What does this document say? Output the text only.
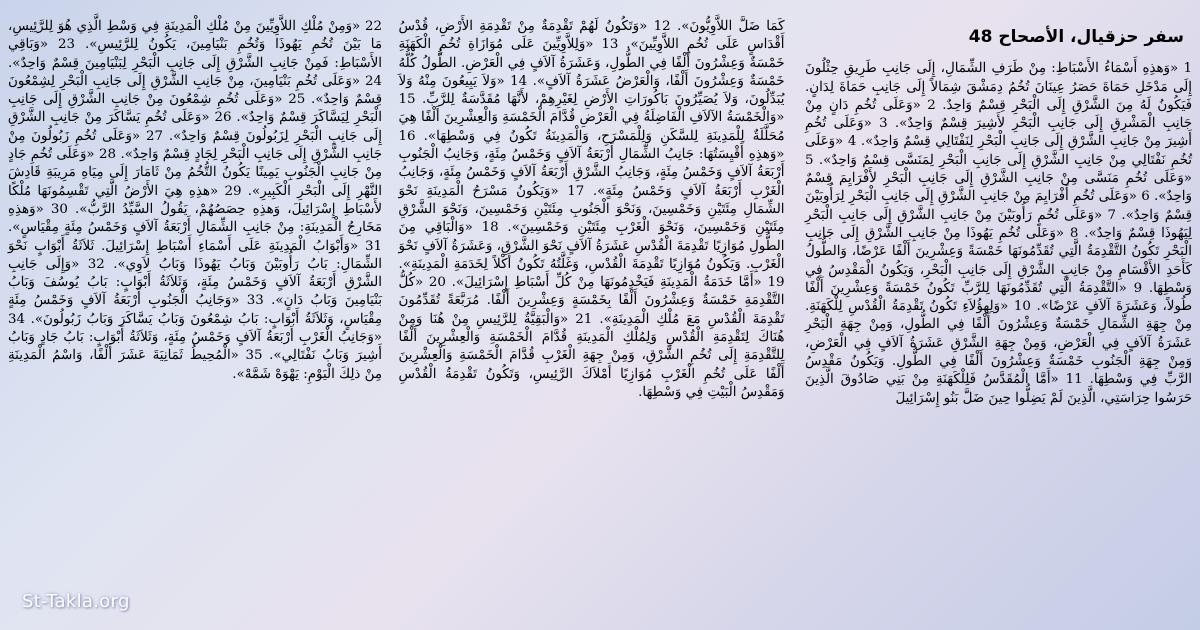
سفر حزقيال، الأصحاح 48
1 «وَهذِهِ أَسْمَاءُ الأَسْبَاطِ: مِنْ طَرَفِ الشِّمَالِ، إِلَى جَانِبِ طَرِيقِ حِثْلُونَ إِلَى مَدْخَلِ حَمَاةَ حَصَرُ عِينَانَ تُخُمُ دِمَشْقَ شِمَالاً إِلَى جَانِبِ حَمَاةَ لِدَانٍ. فَيَكُونُ لَهُ مِنَ الشَّرْقِ إِلَى الْبَحْرِ قِسْمٌ وَاحِدٌ. 2 «وَعَلَى تُخُمِ دَانٍ مِنْ جَانِبِ الْمَشْرِقِ إِلَى جَانِبِ الْبَحْرِ لأَشِيرَ قِسْمٌ وَاحِدٌ». 3 «وَعَلَى تُخُمِ أَشِيرَ مِنْ جَانِبِ الشَّرْقِ إِلَى جَانِبِ الْبَحْرِ لِنَفْتَالِي قِسْمٌ وَاحِدٌ». 4 «وَعَلَى تُخُمِ نَفْتَالِي مِنْ جَانِبِ الشَّرْقِ إِلَى جَانِبِ الْبَحْرِ لِمَنَسَّى قِسْمٌ وَاحِدٌ». 5 «وَعَلَى تُخُمِ مَنَسَّى مِنْ جَانِبِ الشَّرْقِ إِلَى جَانِبِ الْبَحْرِ لأَفْرَايِمَ قِسْمٌ وَاحِدٌ». 6 «وَعَلَى تُخُمِ أَفْرَايِمَ مِنْ جَانِبِ الشَّرْقِ إِلَى جَانِبِ الْبَحْرِ لِرَأُوبَيْنَ قِسْمٌ وَاحِدٌ». 7 «وَعَلَى تُخُمِ رَأُوبَيْنَ مِنْ جَانِبِ الشَّرْقِ إِلَى جَانِبِ الْبَحْرِ لِيَهُوذَا قِسْمٌ وَاحِدٌ». 8 «وَعَلَى تُخُمِ يَهُوذَا مِنْ جَانِبِ الشَّرْقِ إِلَى جَانِبِ الْبَحْرِ تَكُونُ التَّقْدِمَةُ الَّتِي تُقَدِّمُونَهَا خَمْسَةً وَعِشْرِينَ أَلْفًا عَرْضًا، وَالطُّولُ كَأَحَدِ الأَقْسَامِ مِنْ جَانِبِ الشَّرْقِ إِلَى جَانِبِ الْبَحْرِ، وَيَكُونُ الْمَقْدِسُ فِي وَسْطِهَا. 9 «التَّقْدِمَةُ الَّتِي تُقَدِّمُونَهَا لِلرَّبِّ تَكُونُ خَمْسَةً وَعِشْرِينَ أَلْفًا طُولاً، وَعَشَرَةَ آلاَفٍ عَرْضًا». 10 «وَلِهؤُلاَءِ تَكُونُ تَقْدِمَةُ الْقُدْسِ لِلْكَهَنَةِ. مِنْ جِهَةِ الشِّمَالِ خَمْسَةٌ وَعِشْرُونَ أَلْفًا فِي الطُّولِ، وَمِنْ جِهَةِ الْبَحْرِ عَشَرَةُ آلاَفٍ فِي الْعَرْضِ، وَمِنْ جِهَةِ الشَّرْقِ عَشَرَةُ آلاَفٍ فِي الْعَرْضِ، وَمِنْ جِهَةِ الْجَنُوبِ خَمْسَةٌ وَعِشْرُونَ أَلْفًا فِي الطُّولِ. وَيَكُونُ مَقْدِسُ الرَّبِّ فِي وَسْطِهَا. 11 «أَمَّا الْمُقَدَّسُ فَلِلْكَهَنَةِ مِنْ بَنِي صَادُوقَ الَّذِينَ حَرَسُوا حِرَاسَتِي، الَّذِينَ لَمْ يَضِلُّوا حِينَ ضَلَّ بَنُو إِسْرَائِيلَ
كَمَا ضَلَّ اللاَّوِيُّونَ». 12 «وَتَكُونُ لَهُمْ تَقْدِمَةٌ مِنْ تَقْدِمَةِ الأَرْضِ، قُدْسُ أَقْدَاسٍ عَلَى تُخُمِ اللاَّوِيِّينَ». 13 «وَلِلاَّوِيِّينَ عَلَى مُوَازَاةِ تُخُمِ الْكَهَنَةِ خَمْسَةٌ وَعِشْرُونَ أَلْفًا فِي الطُّولِ، وَعَشَرَةُ آلاَفٍ فِي الْعَرْضِ. الطُّولُ كُلُّهُ خَمْسَةٌ وَعِشْرُونَ أَلْفًا، وَالْعَرْضُ عَشَرَةُ آلاَفٍ». 14 «وَلاَ يَبِيعُونَ مِنْهُ وَلاَ يُبَدِّلُونَ، وَلاَ يُصَيِّرُونَ بَاكُورَاتِ الأَرْضِ لِغَيْرِهِمْ، لأَنَّهَا مُقَدَّسَةٌ لِلرَّبِّ. 15 «وَالْخَمْسَةُ الآلاَفِ الْفَاضِلَةُ فِي الْعَرْضِ قُدَّامَ الْخَمْسَةِ وَالْعِشْرِينَ أَلْفًا هِيَ مُحَلَّلَةٌ لِلْمَدِينَةِ لِلسَّكَنِ وَلِلْمَسْرَحِ، وَالْمَدِينَةُ تَكُونُ فِي وَسْطِهَا». 16 «وَهذِهِ أَقْيِسَتُهَا: جَانِبُ الشِّمَالِ أَرْبَعَةُ آلاَفٍ وَخَمْسُ مِئَةٍ، وَجَانِبُ الْجَنُوبِ أَرْبَعَةُ آلاَفٍ وَخَمْسُ مِئَةٍ، وَجَانِبُ الشَّرْقِ أَرْبَعَةُ آلاَفٍ وَخَمْسُ مِئَةٍ، وَجَانِبُ الْغَرْبِ أَرْبَعَةُ آلاَفٍ وَخَمْسُ مِئَةٍ». 17 «وَيَكُونُ مَسْرَحُ الْمَدِينَةِ نَحْوَ الشِّمَالِ مِئَتَيْنِ وَخَمْسِينَ، وَنَحْوَ الْجَنُوبِ مِئَتَيْنِ وَخَمْسِينَ، وَنَحْوَ الشَّرْقِ مِئَتَيْنِ وَخَمْسِينَ، وَنَحْوَ الْغَرْبِ مِئَتَيْنِ وَخَمْسِينَ». 18 «وَالْبَاقِي مِنَ الطُّولِ مُوَازِيًا تَقْدِمَةَ الْقُدْسِ عَشَرَةُ آلاَفٍ نَحْوَ الشَّرْقِ، وَعَشَرَةُ آلاَفٍ نَحْوَ الْغَرْبِ. وَيَكُونُ مُوَازِيًا تَقْدِمَةَ الْقُدْسِ، وَغَلَّتُهُ تَكُونُ أَكْلاً لِخَدَمَةِ الْمَدِينَةِ». 19 «أَمَّا خَدَمَةُ الْمَدِينَةِ فَيَخْدِمُونَهَا مِنْ كُلِّ أَسْبَاطِ إِسْرَائِيلَ». 20 «كُلُّ التَّقْدِمَةِ خَمْسَةٌ وَعِشْرُونَ أَلْفًا بِخَمْسَةٍ وَعِشْرِينَ أَلْفًا. مُرَبَّعَةً تُقَدِّمُونَ تَقْدِمَةَ الْقُدْسِ مَعَ مُلْكِ الْمَدِينَةِ». 21 «وَالْبَقِيَّةُ لِلرَّئِيسِ مِنْ هُنَا وَمِنْ هُنَاكَ لِتَقْدِمَةِ الْقُدْسِ وَلِمُلْكِ الْمَدِينَةِ قُدَّامَ الْخَمْسَةِ وَالْعِشْرِينَ أَلْفًا لِلتَّقْدِمَةِ إِلَى تُخُمِ الشَّرْقِ، وَمِنْ جِهَةِ الْغَرْبِ قُدَّامَ الْخَمْسَةِ وَالْعِشْرِينَ أَلْفًا عَلَى تُخُمِ الْغَرْبِ مُوَازِيًا أَمْلاَكَ الرَّئِيسِ، وَتَكُونُ تَقْدِمَةُ الْقُدْسِ وَمَقْدِسُ الْبَيْتِ فِي وَسْطِهَا.
22 «وَمِنْ مُلْكِ اللاَّوِيِّينَ مِنْ مُلْكِ الْمَدِينَةِ فِي وَسْطِ الَّذِي هُوَ لِلرَّئِيسِ، مَا بَيْنَ تُخُمِ يَهُوذَا وَتُخُمِ بَنْيَامِينَ، يَكُونُ لِلرَّئِيسِ». 23 «وَبَاقِي الأَسْبَاطِ: فَمِنْ جَانِبِ الشَّرْقِ إِلَى جَانِبِ الْبَحْرِ لِبَنْيَامِينَ قِسْمٌ وَاحِدٌ». 24 «وَعَلَى تُخُمِ بَنْيَامِينَ، مِنْ جَانِبِ الشَّرْقِ إِلَى جَانِبِ الْبَحْرِ لِشِمْعُونَ قِسْمٌ وَاحِدٌ». 25 «وَعَلَى تُخُمِ شِمْعُونَ مِنْ جَانِبِ الشَّرْقِ إِلَى جَانِبِ الْبَحْرِ لِيَسَّاكَرَ قِسْمٌ وَاحِدٌ». 26 «وَعَلَى تُخُمِ يَسَّاكَرَ مِنْ جَانِبِ الشَّرْقِ إِلَى جَانِبِ الْبَحْرِ لِزَبُولُونَ قِسْمٌ وَاحِدٌ». 27 «وَعَلَى تُخُمِ زَبُولُونَ مِنْ جَانِبِ الشَّرْقِ إِلَى جَانِبِ الْبَحْرِ لِجَادٍ قِسْمٌ وَاحِدٌ». 28 «وَعَلَى تُخُمِ جَادٍ مِنْ جَانِبِ الْجَنُوبِ يَمِينًا يَكُونُ التُّخُمُ مِنْ ثَامَارَ إِلَى مِيَاهِ مَرِيبَةِ قَادِشَ النَّهْرِ إِلَى الْبَحْرِ الْكَبِيرِ». 29 «هذِهِ هِيَ الأَرْضُ الَّتِي تَقْسِمُونَهَا مُلْكًا لأَسْبَاطِ إِسْرَائِيلَ، وَهذِهِ حِصَصُهُمْ، يَقُولُ السَّيِّدُ الرَّبُّ». 30 «وَهذِهِ مَخَارِجُ الْمَدِينَةِ: مِنْ جَانِبِ الشِّمَالِ أَرْبَعَةُ آلاَفٍ وَخَمْسُ مِئَةٍ مِقْيَاسٍ». 31 «وَأَبْوَابُ الْمَدِينَةِ عَلَى أَسْمَاءِ أَسْبَاطِ إِسْرَائِيلَ. ثَلاَثَةُ أَبْوَابٍ نَحْوَ الشِّمَالِ: بَابُ رَأُوبَيْنَ وَبَابُ يَهُوذَا وَبَابُ لاَوِي». 32 «وَإِلَى جَانِبِ الشَّرْقِ أَرْبَعَةُ آلاَفٍ وَخَمْسُ مِئَةٍ، وَثَلاَثَةُ أَبْوَابٍ: بَابُ يُوسُفَ وَبَابُ بَنْيَامِينَ وَبَابُ دَانٍ». 33 «وَجَانِبُ الْجَنُوبِ أَرْبَعَةُ آلاَفٍ وَخَمْسُ مِئَةٍ مِقْيَاسٍ، وَثَلاَثَةُ أَبْوَابٍ: بَابُ شِمْعُونَ وَبَابُ يَسَّاكَرَ وَبَابُ زَبُولُونَ». 34 «وَجَانِبُ الْغَرْبِ أَرْبَعَةُ آلاَفٍ وَخَمْسُ مِئَةٍ، وَثَلاَثَةُ أَبْوَابٍ: بَابُ جَادٍ وَبَابُ أَشِيرَ وَبَابُ نَفْتَالِي». 35 «الْمُحِيطُ ثَمَانِيَةَ عَشَرَ أَلْفًا، وَاسْمُ الْمَدِينَةِ مِنْ ذلِكَ الْيَوْمِ: يَهْوَهْ شَمَّهْ».
St-Takla.org
